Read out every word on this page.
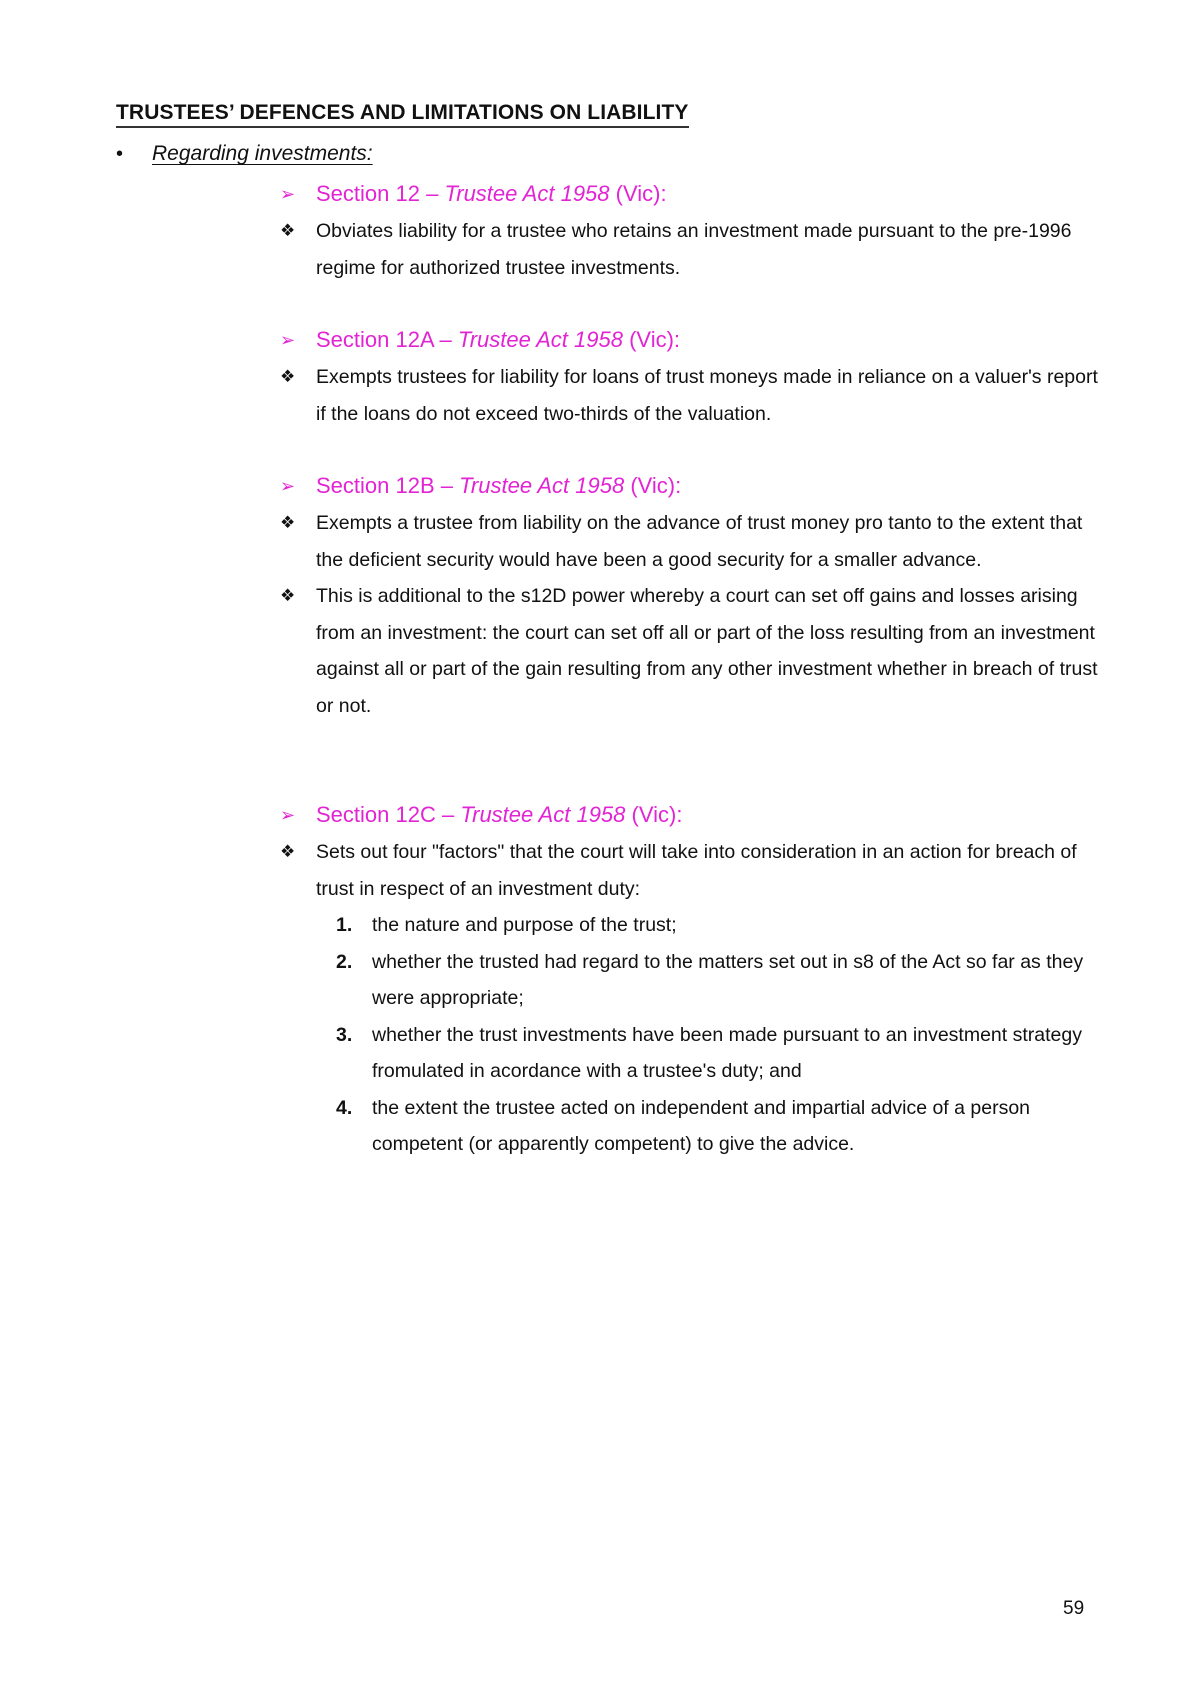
TRUSTEES’ DEFENCES AND LIMITATIONS ON LIABILITY
•	Regarding investments:
➢ Section 12 – Trustee Act 1958 (Vic):
❖	Obviates liability for a trustee who retains an investment made pursuant to the pre-1996 regime for authorized trustee investments.
➢ Section 12A – Trustee Act 1958 (Vic):
❖	Exempts trustees for liability for loans of trust moneys made in reliance on a valuer's report if the loans do not exceed two-thirds of the valuation.
➢ Section 12B – Trustee Act 1958 (Vic):
❖	Exempts a trustee from liability on the advance of trust money pro tanto to the extent that the deficient security would have been a good security for a smaller advance.
❖	This is additional to the s12D power whereby a court can set off gains and losses arising from an investment: the court can set off all or part of the loss resulting from an investment against all or part of the gain resulting from any other investment whether in breach of trust or not.
➢ Section 12C – Trustee Act 1958 (Vic):
❖	Sets out four "factors" that the court will take into consideration in an action for breach of trust in respect of an investment duty:
1.	the nature and purpose of the trust;
2.	whether the trusted had regard to the matters set out in s8 of the Act so far as they were appropriate;
3.	whether the trust investments have been made pursuant to an investment strategy fromulated in acordance with a trustee's duty; and
4.	the extent the trustee acted on independent and impartial advice of a person competent (or apparently competent) to give the advice.
59
